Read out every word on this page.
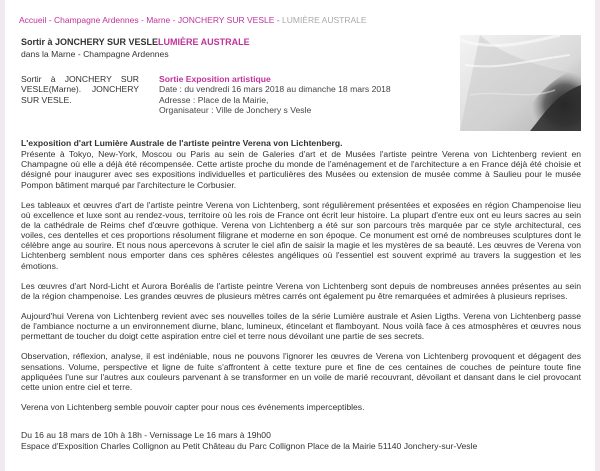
Accueil - Champagne Ardennes - Marne - JONCHERY SUR VESLE - LUMIÈRE AUSTRALE
Sortir à JONCHERY SUR VESLE
dans la Marne - Champagne Ardennes
LUMIÈRE AUSTRALE
Sortir à JONCHERY SUR VESLE(Marne). JONCHERY SUR VESLE.
Sortie Exposition artistique
Date : du vendredi 16 mars 2018 au dimanche 18 mars 2018
Adresse : Place de la Mairie,
Organisateur : Ville de Jonchery s Vesle

L'exposition d'art Lumière Australe de l'artiste peintre Verena von Lichtenberg.

Présente à Tokyo, New-York, Moscou ou Paris au sein de Galeries d'art et de Musées l'artiste peintre Verena von Lichtenberg revient en Champagne où elle a déjà été récompensée. Cette artiste proche du monde de l'aménagement et de l'architecture a en France déjà été choisie et désigné pour inaugurer avec ses expositions individuelles et particulières des Musées ou extension de musée comme à Saulieu pour le musée Pompon bâtiment marqué par l'architecture le Corbusier.

Les tableaux et œuvres d'art de l'artiste peintre Verena von Lichtenberg, sont régulièrement présentées et exposées en région Champenoise lieu où excellence et luxe sont au rendez-vous, territoire où les rois de France ont écrit leur histoire. La plupart d'entre eux ont eu leurs sacres au sein de la cathédrale de Reims chef d'œuvre gothique. Verena von Lichtenberg a été sur son parcours très marquée par ce style architectural, ces voiles, ces dentelles et ces proportions résolument filigrane et moderne en son époque. Ce monument est orné de nombreuses sculptures dont le célèbre ange au sourire. Et nous nous apercevons à scruter le ciel afin de saisir la magie et les mystères de sa beauté. Les œuvres de Verena von Lichtenberg semblent nous emporter dans ces sphères célestes angéliques où l'essentiel est souvent exprimé au travers la suggestion et les émotions.

Les œuvres d'art Nord-Licht et Aurora Boréalis de l'artiste peintre Verena von Lichtenberg sont depuis de nombreuses années présentes au sein de la région champenoise. Les grandes œuvres de plusieurs mètres carrés ont également pu être remarquées et admirées à plusieurs reprises.

Aujourd'hui Verena von Lichtenberg revient avec ses nouvelles toiles de la série Lumière australe et Asien Ligths. Verena von Lichtenberg passe de l'ambiance nocturne a un environnement diurne, blanc, lumineux, étincelant et flamboyant. Nous voilà face à ces atmosphères et œuvres nous permettant de toucher du doigt cette aspiration entre ciel et terre nous dévoilant une partie de ses secrets.

Observation, réflexion, analyse, il est indéniable, nous ne pouvons l'ignorer les œuvres de Verena von Lichtenberg provoquent et dégagent des sensations. Volume, perspective et ligne de fuite s'affrontent à cette texture pure et fine de ces centaines de couches de peinture toute fine appliquées l'une sur l'autres aux couleurs parvenant à se transformer en un voile de marié recouvrant, dévoilant et dansant dans le ciel provocant cette union entre ciel et terre.

Verena von Lichtenberg semble pouvoir capter pour nous ces événements imperceptibles.

Du 16 au 18 mars de 10h à 18h - Vernissage Le 16 mars à 19h00

Espace d'Exposition Charles Collignon au Petit Château du Parc Collignon Place de la Mairie 51140 Jonchery-sur-Vesle
